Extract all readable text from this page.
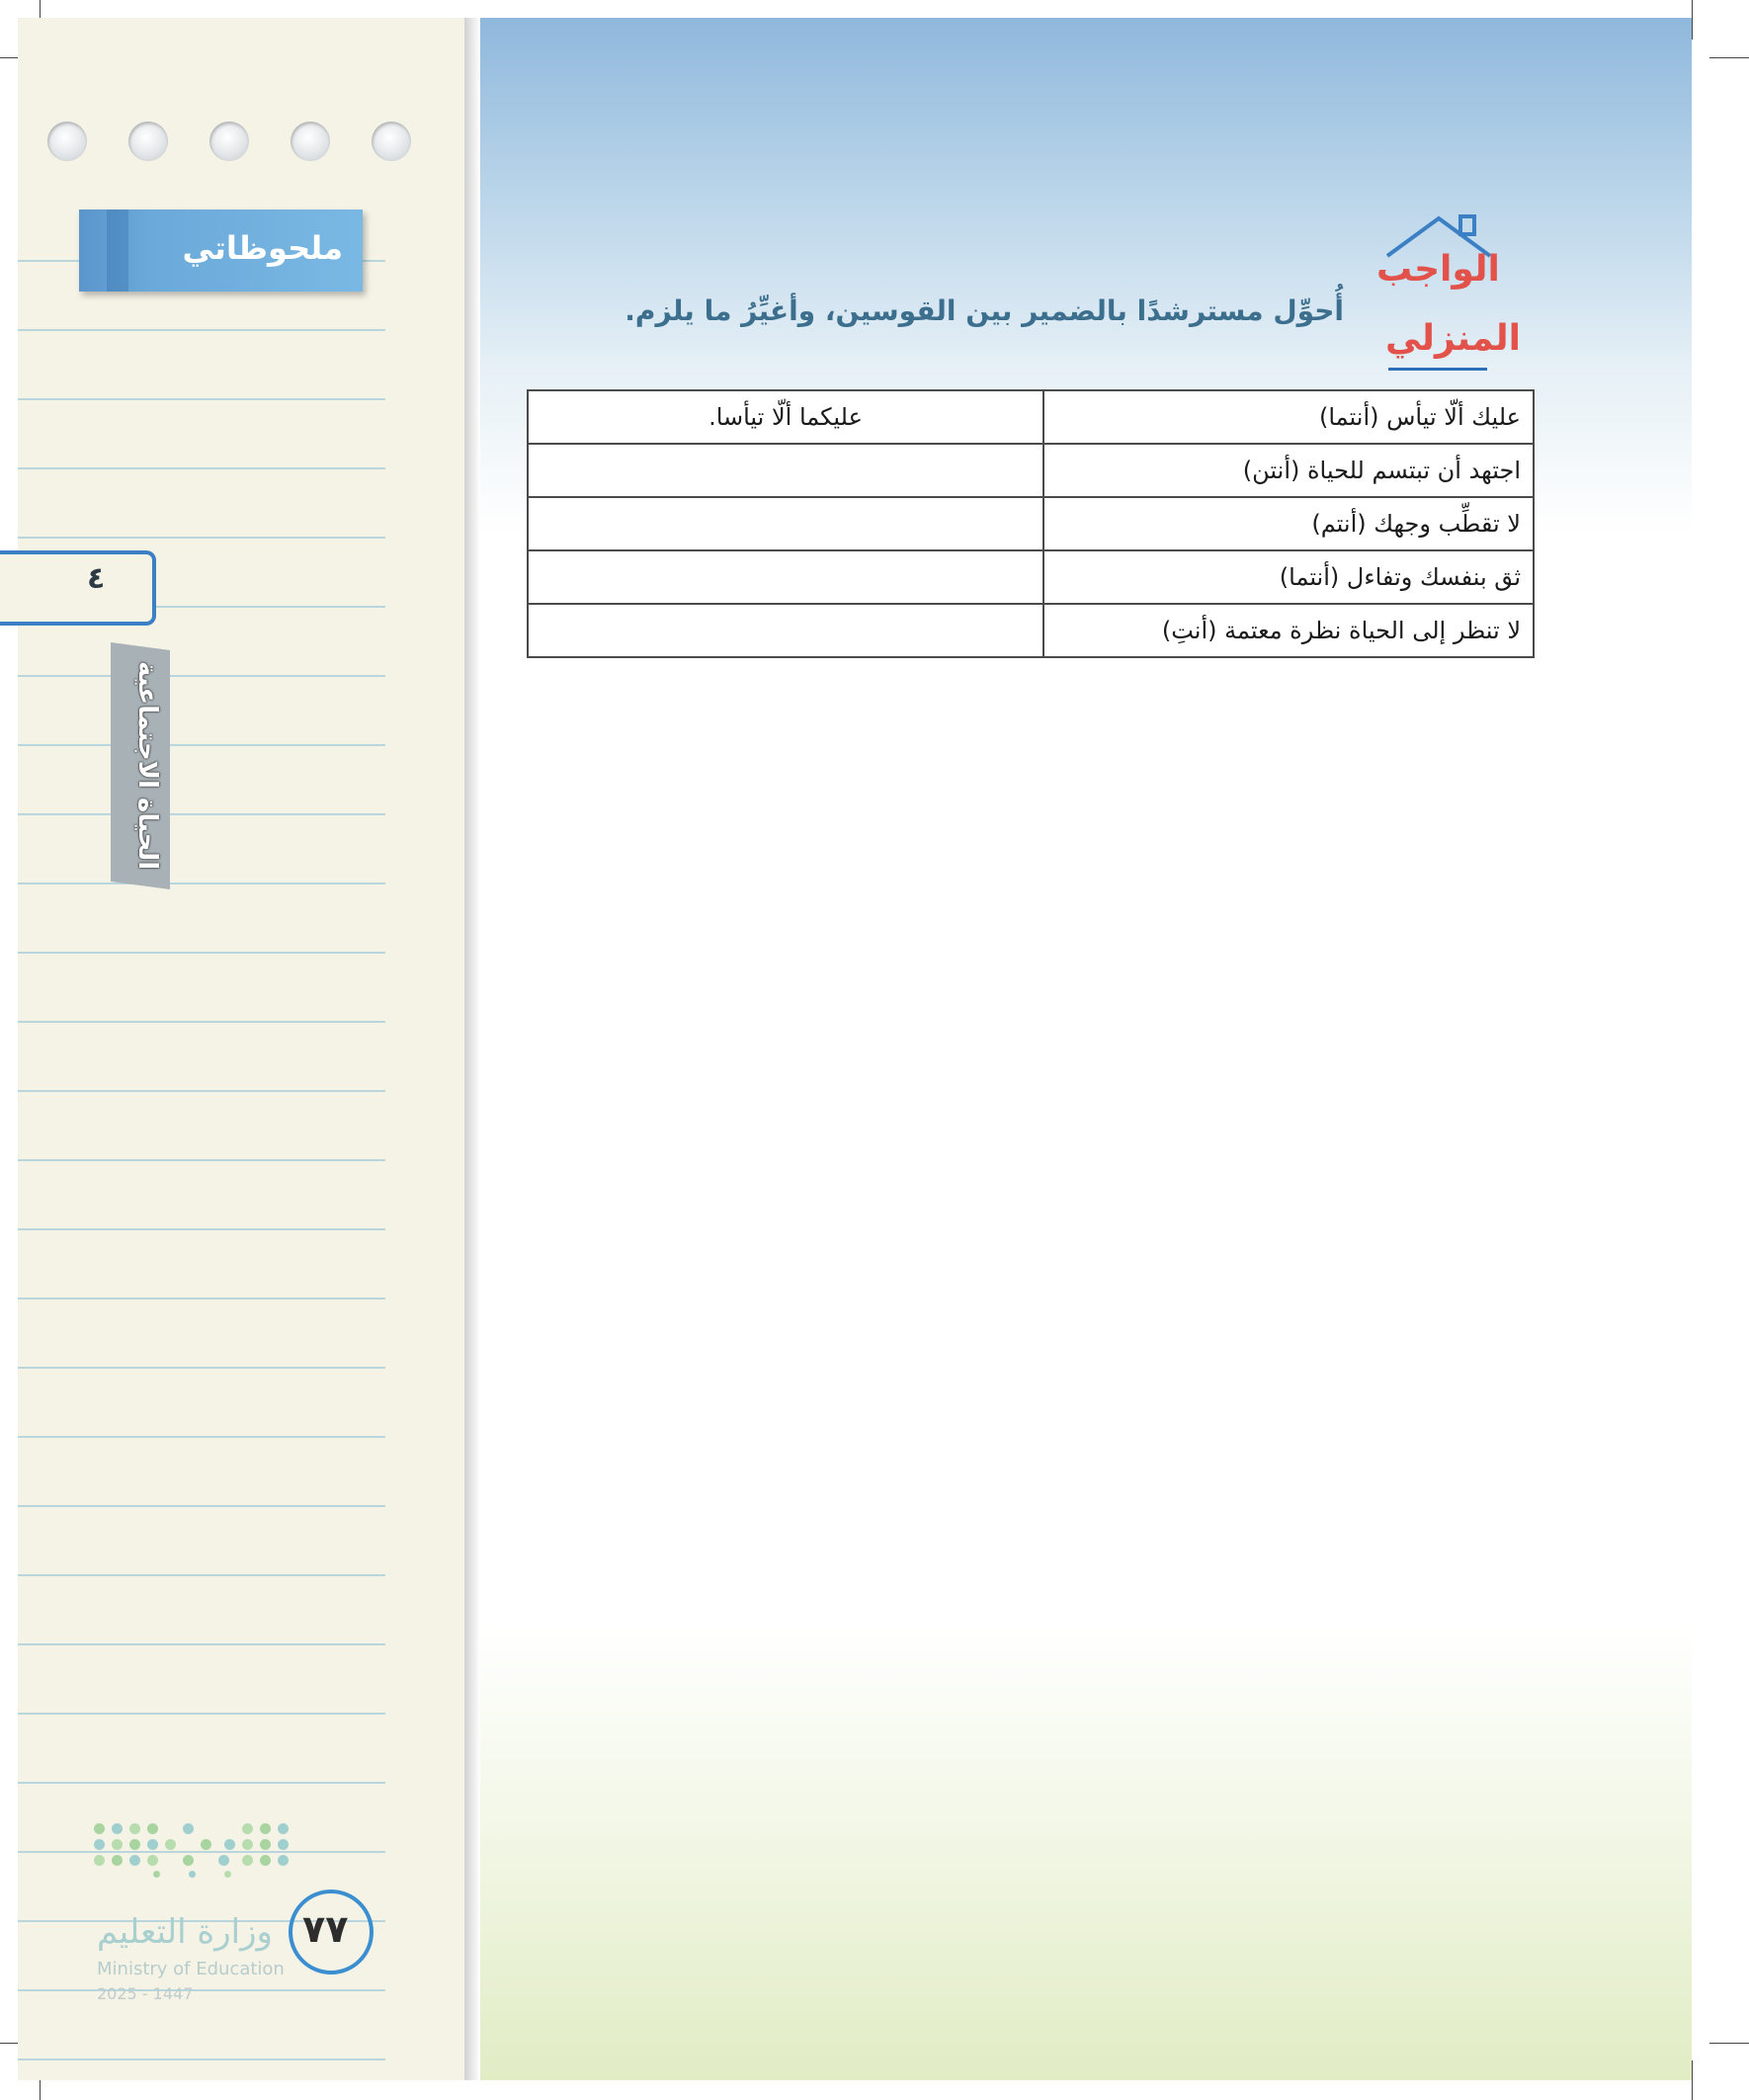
ملحوظاتي
٤
الحياة الاجتماعية
وزارة التعليم
Ministry of Education
2025 - 1447
٧٧
الواجب
المنزلي
أُحوِّل مسترشدًا بالضمير بين القوسين، وأغيِّرُ ما يلزم.
عليك ألّا تيأس (أنتما)	عليكما ألّا تيأسا.
اجتهد أن تبتسم للحياة (أنتن)	
لا تقطِّب وجهك (أنتم)	
ثق بنفسك وتفاءل (أنتما)	
لا تنظر إلى الحياة نظرة معتمة (أنتِ)	
